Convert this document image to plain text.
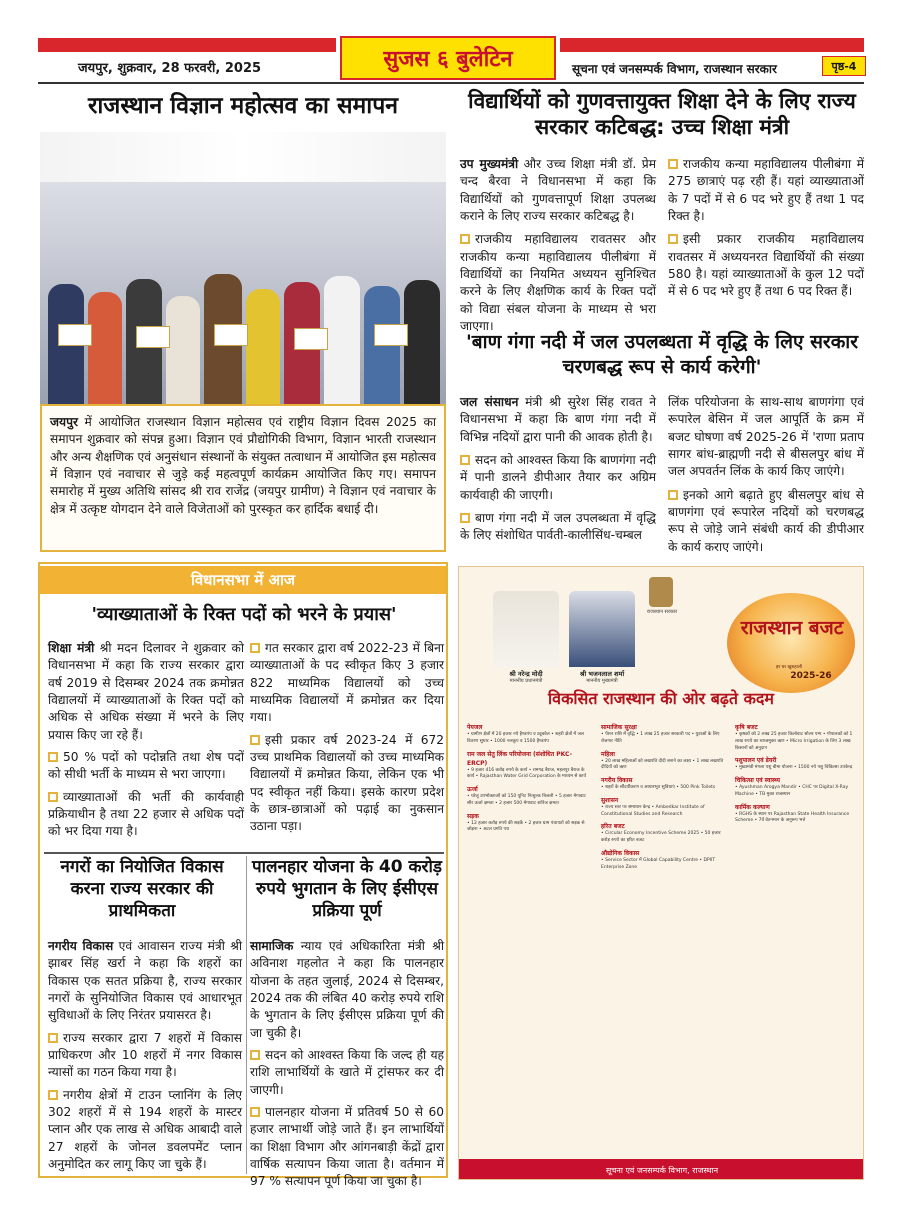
सुजस ६ बुलेटिन
जयपुर, शुक्रवार, 28 फरवरी, 2025	सूचना एवं जनसम्पर्क विभाग, राजस्थान सरकार	पृष्ठ-4
राजस्थान विज्ञान महोत्सव का समापन
जयपुर में आयोजित राजस्थान विज्ञान महोत्सव एवं राष्ट्रीय विज्ञान दिवस 2025 का समापन शुक्रवार को संपन्न हुआ। विज्ञान एवं प्रौद्योगिकी विभाग, विज्ञान भारती राजस्थान और अन्य शैक्षणिक एवं अनुसंधान संस्थानों के संयुक्त तत्वाधान में आयोजित इस महोत्सव में विज्ञान एवं नवाचार से जुड़े कई महत्वपूर्ण कार्यक्रम आयोजित किए गए। समापन समारोह में मुख्य अतिथि सांसद श्री राव राजेंद्र (जयपुर ग्रामीण) ने विज्ञान एवं नवाचार के क्षेत्र में उत्कृष्ट योगदान देने वाले विजेताओं को पुरस्कृत कर हार्दिक बधाई दी।
विद्यार्थियों को गुणवत्तायुक्त शिक्षा देने के लिए राज्य सरकार कटिबद्ध: उच्च शिक्षा मंत्री

उप मुख्यमंत्री और उच्च शिक्षा मंत्री डॉ. प्रेम चन्द बैरवा ने विधानसभा में कहा कि विद्यार्थियों को गुणवत्तापूर्ण शिक्षा उपलब्ध कराने के लिए राज्य सरकार कटिबद्ध है।

राजकीय महाविद्यालय रावतसर और राजकीय कन्या महाविद्यालय पीलीबंगा में विद्यार्थियों का नियमित अध्ययन सुनिश्चित करने के लिए शैक्षणिक कार्य के रिक्त पदों को विद्या संबल योजना के माध्यम से भरा जाएगा।

राजकीय कन्या महाविद्यालय पीलीबंगा में 275 छात्राएं पढ़ रही हैं। यहां व्याख्याताओं के 7 पदों में से 6 पद भरे हुए हैं तथा 1 पद रिक्त है।

इसी प्रकार राजकीय महाविद्यालय रावतसर में अध्ययनरत विद्यार्थियों की संख्या 580 है। यहां व्याख्याताओं के कुल 12 पदों में से 6 पद भरे हुए हैं तथा 6 पद रिक्त हैं।

'बाण गंगा नदी में जल उपलब्धता में वृद्धि के लिए सरकार चरणबद्ध रूप से कार्य करेगी'

जल संसाधन मंत्री श्री सुरेश सिंह रावत ने विधानसभा में कहा कि बाण गंगा नदी में विभिन्न नदियों द्वारा पानी की आवक होती है।

सदन को आश्वस्त किया कि बाणगंगा नदी में पानी डालने डीपीआर तैयार कर अग्रिम कार्यवाही की जाएगी।

बाण गंगा नदी में जल उपलब्धता में वृद्धि के लिए संशोधित पार्वती-कालीसिंध-चम्बल

लिंक परियोजना के साथ-साथ बाणगंगा एवं रूपारेल बेसिन में जल आपूर्ति के क्रम में बजट घोषणा वर्ष 2025-26 में 'राणा प्रताप सागर बांध-ब्राह्मणी नदी से बीसलपुर बांध में जल अपवर्तन लिंक के कार्य किए जाएंगे।

इनको आगे बढ़ाते हुए बीसलपुर बांध से बाणगंगा एवं रूपारेल नदियों को चरणबद्ध रूप से जोड़े जाने संबंधी कार्य की डीपीआर के कार्य कराए जाएंगे।

विधानसभा में आज
'व्याख्याताओं के रिक्त पदों को भरने के प्रयास'

शिक्षा मंत्री श्री मदन दिलावर ने शुक्रवार को विधानसभा में कहा कि राज्य सरकार द्वारा वर्ष 2019 से दिसम्बर 2024 तक क्रमोन्नत विद्यालयों में व्याख्याताओं के रिक्त पदों को अधिक से अधिक संख्या में भरने के लिए प्रयास किए जा रहे हैं।

50 % पदों को पदोन्नति तथा शेष पदों को सीधी भर्ती के माध्यम से भरा जाएगा।

व्याख्याताओं की भर्ती की कार्यवाही प्रक्रियाधीन है तथा 22 हजार से अधिक पदों को भर दिया गया है।

गत सरकार द्वारा वर्ष 2022-23 में बिना व्याख्याताओं के पद स्वीकृत किए 3 हजार 822 माध्यमिक विद्यालयों को उच्च माध्यमिक विद्यालयों में क्रमोन्नत कर दिया गया।

इसी प्रकार वर्ष 2023-24 में 672 उच्च प्राथमिक विद्यालयों को उच्च माध्यमिक विद्यालयों में क्रमोन्नत किया, लेकिन एक भी पद स्वीकृत नहीं किया। इसके कारण प्रदेश के छात्र-छात्राओं को पढ़ाई का नुकसान उठाना पड़ा।

नगरों का नियोजित विकास करना राज्य सरकार की प्राथमिकता

नगरीय विकास एवं आवासन राज्य मंत्री श्री झाबर सिंह खर्रा ने कहा कि शहरों का विकास एक सतत प्रक्रिया है, राज्य सरकार नगरों के सुनियोजित विकास एवं आधारभूत सुविधाओं के लिए निरंतर प्रयासरत है।

राज्य सरकार द्वारा 7 शहरों में विकास प्राधिकरण और 10 शहरों में नगर विकास न्यासों का गठन किया गया है।

नगरीय क्षेत्रों में टाउन प्लानिंग के लिए 302 शहरों में से 194 शहरों के मास्टर प्लान और एक लाख से अधिक आबादी वाले 27 शहरों के जोनल डवलपमेंट प्लान अनुमोदित कर लागू किए जा चुके हैं।

पालनहार योजना के 40 करोड़ रुपये भुगतान के लिए ईसीएस प्रक्रिया पूर्ण

सामाजिक न्याय एवं अधिकारिता मंत्री श्री अविनाश गहलोत ने कहा कि पालनहार योजना के तहत जुलाई, 2024 से दिसम्बर, 2024 तक की लंबित 40 करोड़ रुपये राशि के भुगतान के लिए ईसीएस प्रक्रिया पूर्ण की जा चुकी है।

सदन को आश्वस्त किया कि जल्द ही यह राशि लाभार्थियों के खाते में ट्रांसफर कर दी जाएगी।

पालनहार योजना में प्रतिवर्ष 50 से 60 हजार लाभार्थी जोड़े जाते हैं। इन लाभार्थियों का शिक्षा विभाग और आंगनबाड़ी केंद्रों द्वारा वार्षिक सत्यापन किया जाता है। वर्तमान में 97 % सत्यापन पूर्ण किया जा चुका है।

राजस्थान सरकार
श्री नरेन्द्र मोदी
माननीय प्रधानमंत्री
श्री भजनलाल शर्मा
माननीय मुख्यमंत्री
राजस्थान बजट
हर घर खुशहाली
2025-26
विकसित राजस्थान की ओर बढ़ते कदम
पेयजल
• ग्रामीण क्षेत्रों में 20 हजार नये हैण्डपंप व ट्यूबवेल • शहरी क्षेत्रों में जल वितरण सुधार • 1000 नलकूप व 1500 हैण्डपंप
राम जल सेतु लिंक परियोजना (संशोधित PKC-ERCP)
• 9 हजार 416 करोड़ रुपये के कार्य • रामगढ़ बैराज, महलपुर बैराज के कार्य • Rajasthan Water Grid Corporation के माध्यम से कार्य
ऊर्जा
• घरेलू उपभोक्ताओं को 150 यूनिट निःशुल्क बिजली • 5 हजार मेगावाट सौर ऊर्जा क्षमता • 2 हजार 500 मेगावाट स्टोरेज क्षमता
सड़क
• 12 हजार करोड़ रुपये की सड़कें • 2 हजार ग्राम पंचायतों को सड़क से जोड़ना • अटल प्रगति पथ
सामाजिक सुरक्षा
• पेंशन राशि में वृद्धि • 1 लाख 25 हजार सरकारी पद • युवाओं के लिए रोजगार नीति
महिला
• 20 लाख महिलाओं को लखपति दीदी बनाने का लक्ष्य • 1 लाख लखपति दीदियों को ऋण
नगरीय विकास
• शहरों के सौंदर्यीकरण व आधारभूत सुविधाएं • 500 Pink Toilets
सुशासन
• राज्य स्तर पर समाधान केन्द्र • Ambedkar Institute of Constitutional Studies and Research
हरित बजट
• Circular Economy Incentive Scheme 2025 • 50 हजार करोड़ रुपये का हरित बजट
औद्योगिक विकास
• Service Sector में Global Capability Centre • DPIIT Enterprise Zone
कृषि बजट
• कृषकों को 2 लाख 25 हजार किलोवाट सोलर पम्प • गोपालकों को 1 लाख रुपये का ब्याजमुक्त ऋण • Micro Irrigation के लिए 3 लाख किसानों को अनुदान
पशुपालन एवं डेयरी
• मुख्यमंत्री मंगला पशु बीमा योजना • 1500 नये पशु चिकित्सा उपकेन्द्र
चिकित्सा एवं स्वास्थ्य
• Ayushman Arogya Mandir • CHC पर Digital X-Ray Machine • TB मुक्त राजस्थान
कार्मिक कल्याण
• RGHS के स्थान पर Rajasthan State Health Insurance Scheme • 7वें वेतनमान के अनुरूप भत्ते
सूचना एवं जनसम्पर्क विभाग, राजस्थान
